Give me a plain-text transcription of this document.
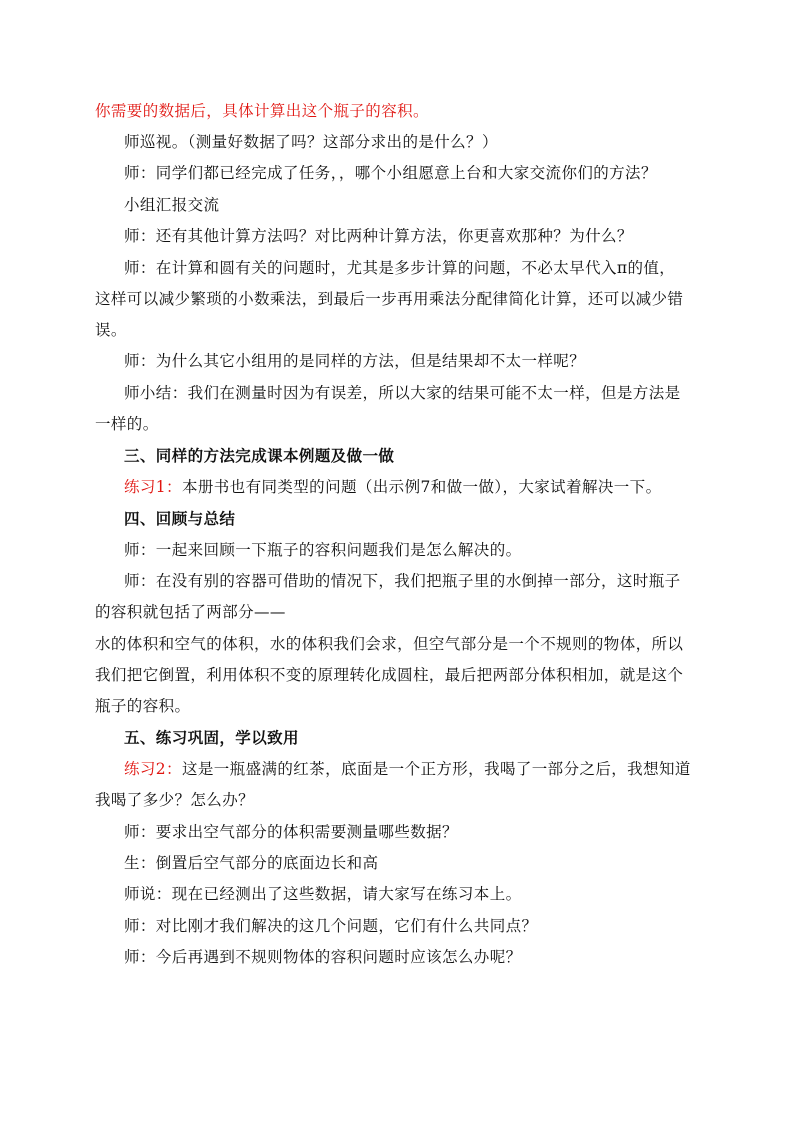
你需要的数据后，具体计算出这个瓶子的容积。
师巡视。（测量好数据了吗？这部分求出的是什么？）
师：同学们都已经完成了任务，，哪个小组愿意上台和大家交流你们的方法？
小组汇报交流
师：还有其他计算方法吗？对比两种计算方法，你更喜欢那种？为什么？
师：在计算和圆有关的问题时，尤其是多步计算的问题，不必太早代入π的值，
这样可以减少繁琐的小数乘法，到最后一步再用乘法分配律简化计算，还可以减少错
误。
师：为什么其它小组用的是同样的方法，但是结果却不太一样呢？
师小结：我们在测量时因为有误差，所以大家的结果可能不太一样，但是方法是
一样的。
三、同样的方法完成课本例题及做一做
练习1：本册书也有同类型的问题（出示例7和做一做），大家试着解决一下。
四、回顾与总结
师：一起来回顾一下瓶子的容积问题我们是怎么解决的。
师：在没有别的容器可借助的情况下，我们把瓶子里的水倒掉一部分，这时瓶子
的容积就包括了两部分——
水的体积和空气的体积，水的体积我们会求，但空气部分是一个不规则的物体，所以
我们把它倒置，利用体积不变的原理转化成圆柱，最后把两部分体积相加，就是这个
瓶子的容积。
五、练习巩固，学以致用
练习2：这是一瓶盛满的红茶，底面是一个正方形，我喝了一部分之后，我想知道
我喝了多少？怎么办？
师：要求出空气部分的体积需要测量哪些数据？
生：倒置后空气部分的底面边长和高
师说：现在已经测出了这些数据，请大家写在练习本上。
师：对比刚才我们解决的这几个问题，它们有什么共同点？
师：今后再遇到不规则物体的容积问题时应该怎么办呢？
